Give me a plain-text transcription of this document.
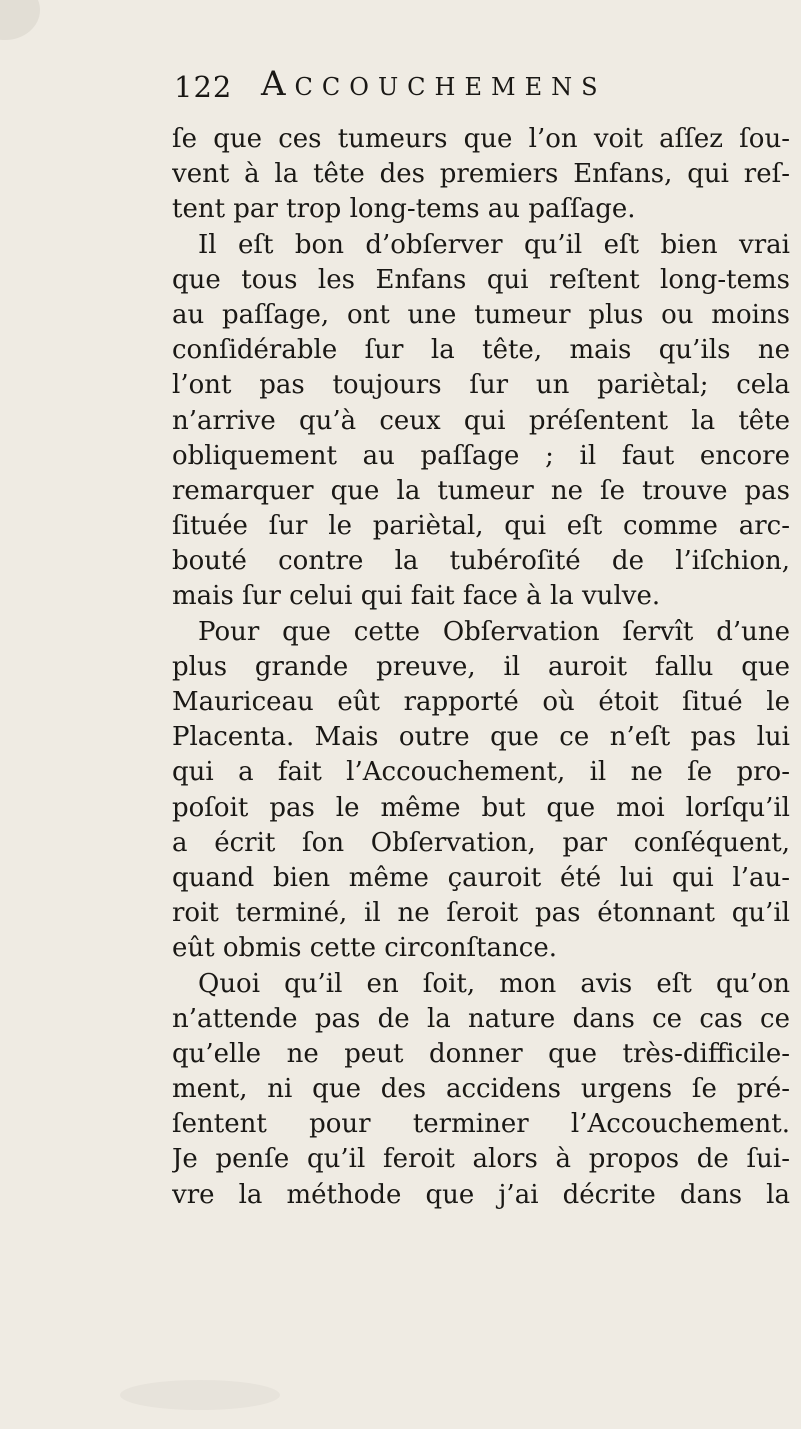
122 Accouchemens
ſe que ces tumeurs que l’on voit aſſez ſou-
vent à la tête des premiers Enfans, qui reſ-
tent par trop long-tems au paſſage.
Il eſt bon d’obſerver qu’il eſt bien vrai
que tous les Enfans qui reſtent long-tems
au paſſage, ont une tumeur plus ou moins
conſidérable ſur la tête, mais qu’ils ne
l’ont pas toujours ſur un pariètal; cela
n’arrive qu’à ceux qui préſentent la tête
obliquement au paſſage ; il faut encore
remarquer que la tumeur ne ſe trouve pas
ſituée ſur le pariètal, qui eſt comme arc-
bouté contre la tubéroſité de l’iſchion,
mais ſur celui qui fait face à la vulve.
Pour que cette Obſervation ſervît d’une
plus grande preuve, il auroit fallu que
Mauriceau eût rapporté où étoit ſitué le
Placenta. Mais outre que ce n’eſt pas lui
qui a fait l’Accouchement, il ne ſe pro-
poſoit pas le même but que moi lorſqu’il
a écrit ſon Obſervation, par conſéquent,
quand bien même çauroit été lui qui l’au-
roit terminé, il ne ſeroit pas étonnant qu’il
eût obmis cette circonſtance.
Quoi qu’il en ſoit, mon avis eſt qu’on
n’attende pas de la nature dans ce cas ce
qu’elle ne peut donner que très-difficile-
ment, ni que des accidens urgens ſe pré-
ſentent pour terminer l’Accouchement.
Je penſe qu’il feroit alors à propos de ſui-
vre la méthode que j’ai décrite dans la
